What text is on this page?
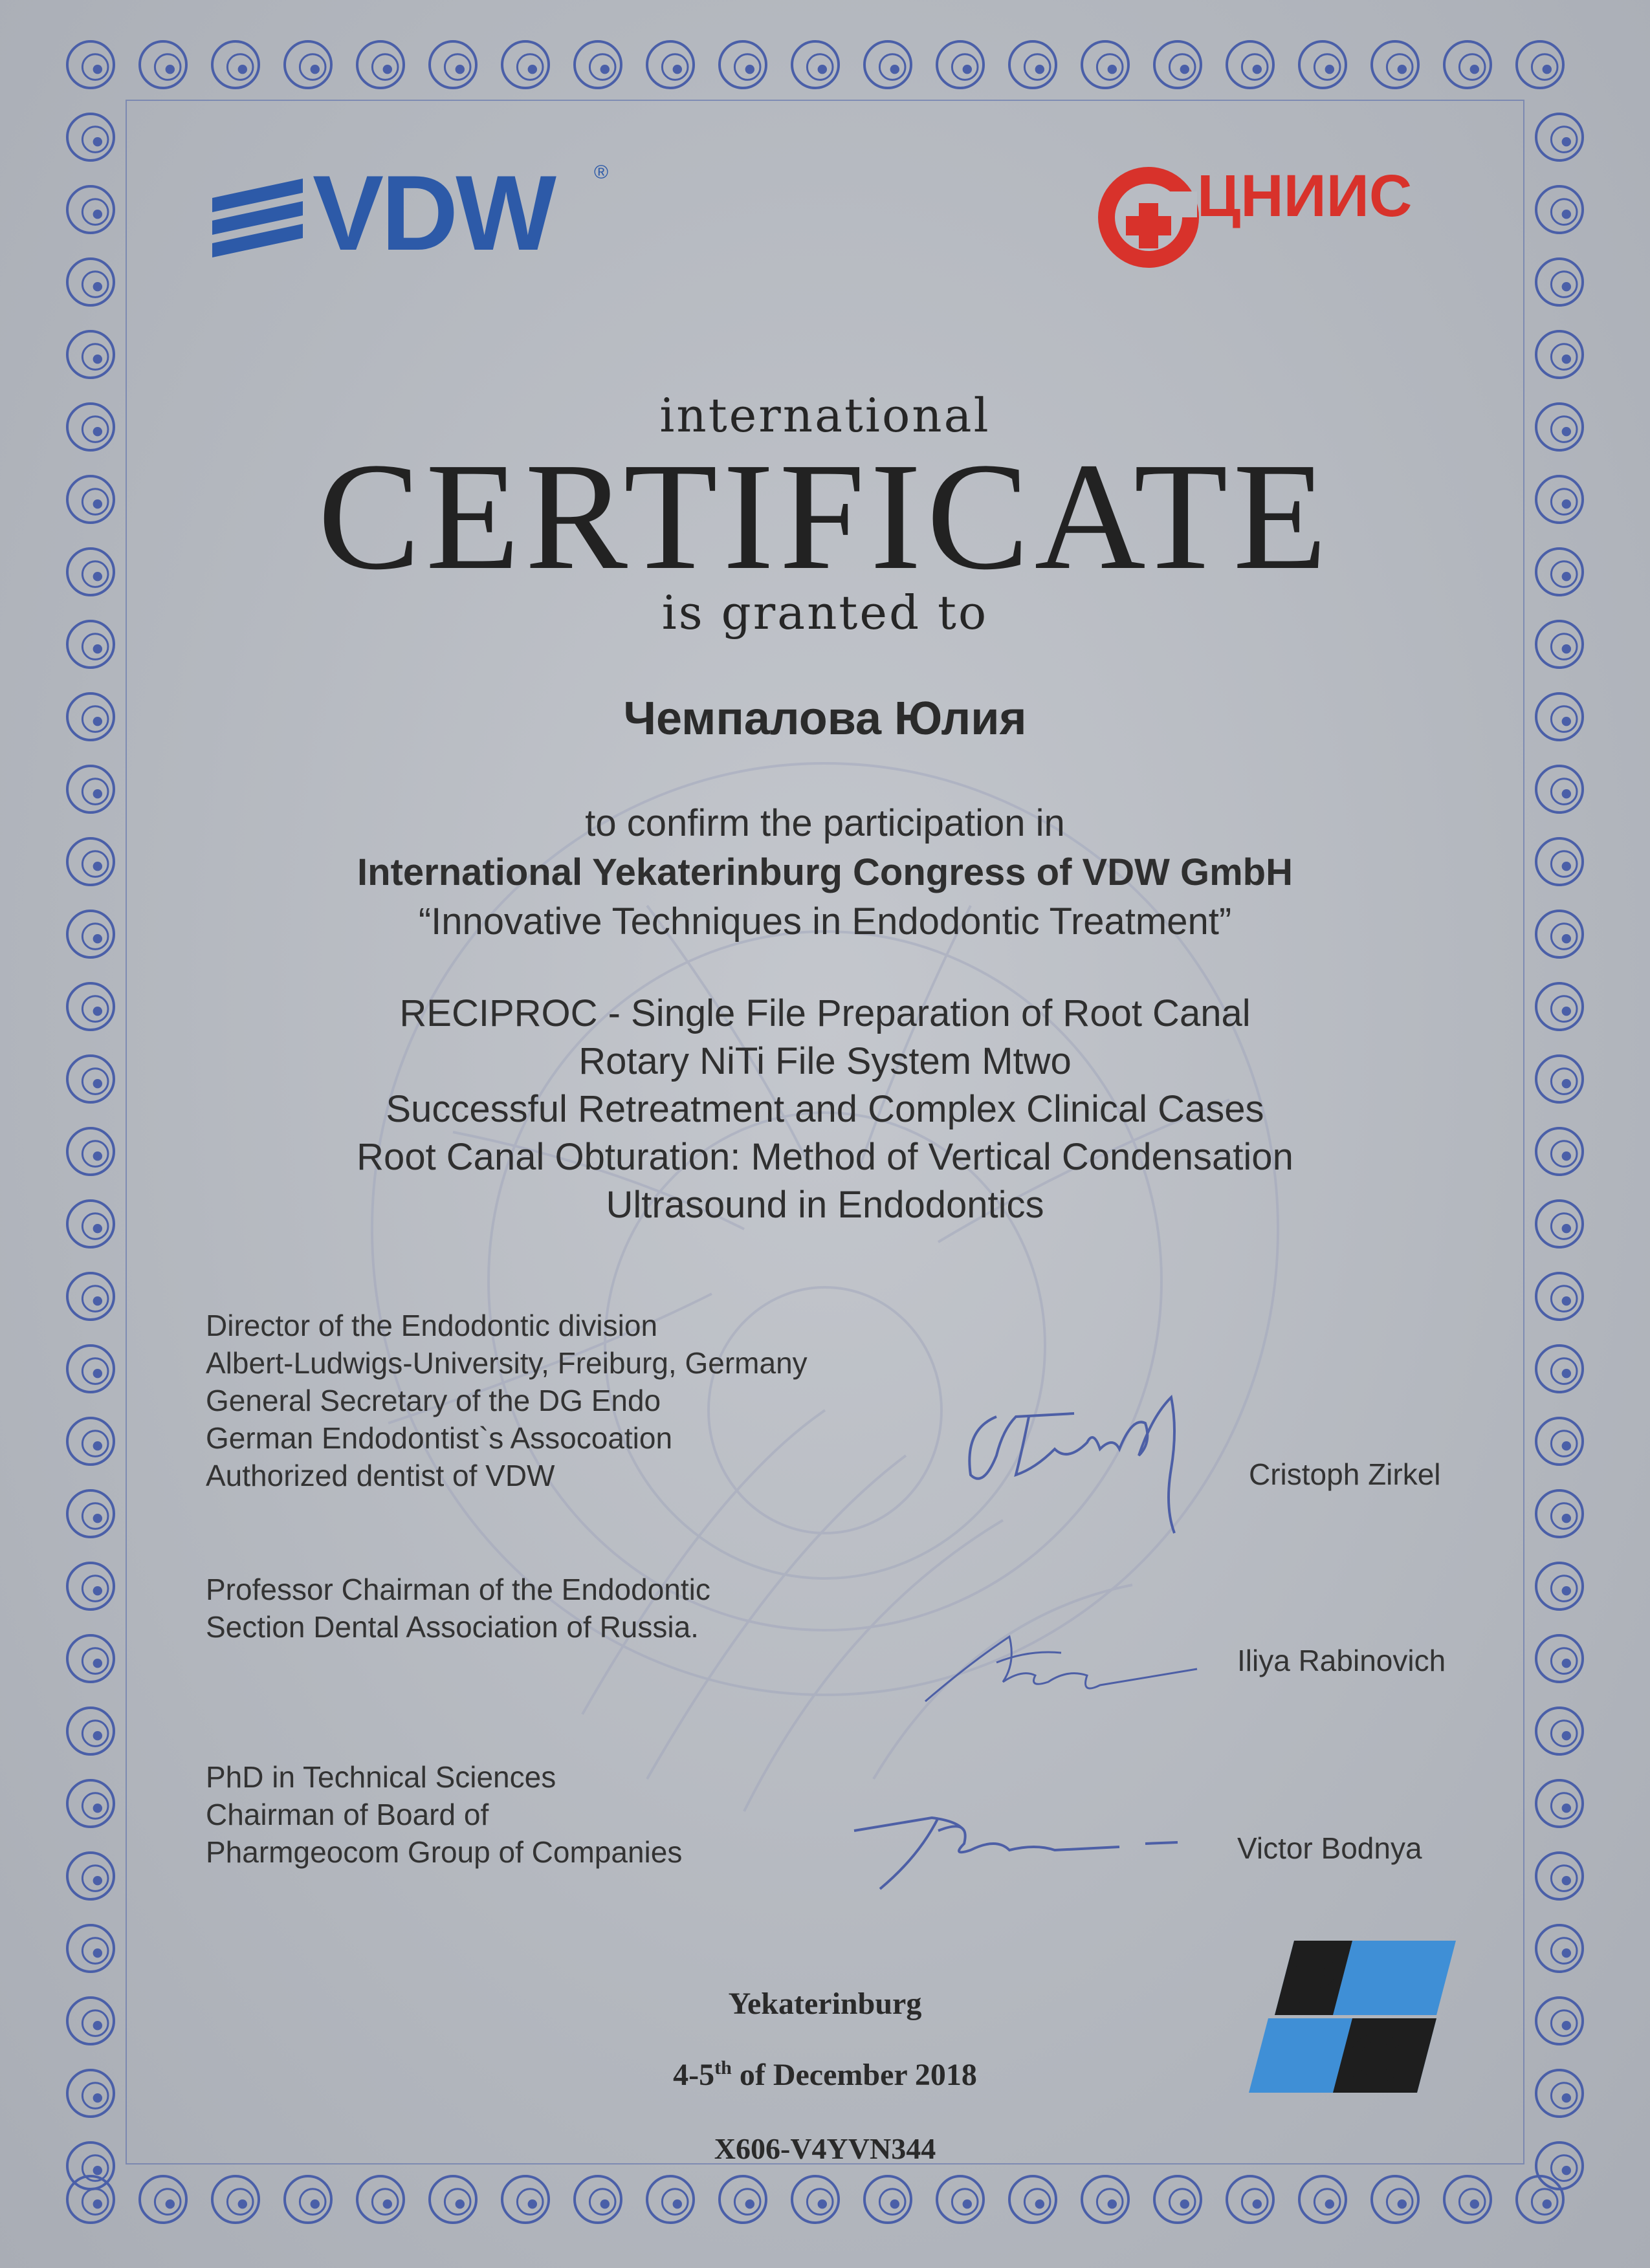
VDW ®	ЦНИИС
international
CERTIFICATE
is granted to
Чемпалова Юлия
to confirm the participation in
International Yekaterinburg Congress of VDW GmbH
“Innovative Techniques in Endodontic Treatment”
RECIPROC - Single File Preparation of Root Canal
Rotary NiTi File System Mtwo
Successful Retreatment and Complex Clinical Cases
Root Canal Obturation: Method of Vertical Condensation
Ultrasound in Endodontics
Director of the Endodontic division
Albert-Ludwigs-University, Freiburg, Germany
General Secretary of the DG Endo
German Endodontist`s Assocoation
Authorized dentist of VDW	Cristoph Zirkel
Professor Chairman of the Endodontic
Section Dental Association of Russia.
Iliya Rabinovich
PhD in Technical Sciences
Chairman of Board of
Pharmgeocom Group of Companies	Victor Bodnya
Yekaterinburg
4-5th of December 2018
X606-V4YVN344
P
G
